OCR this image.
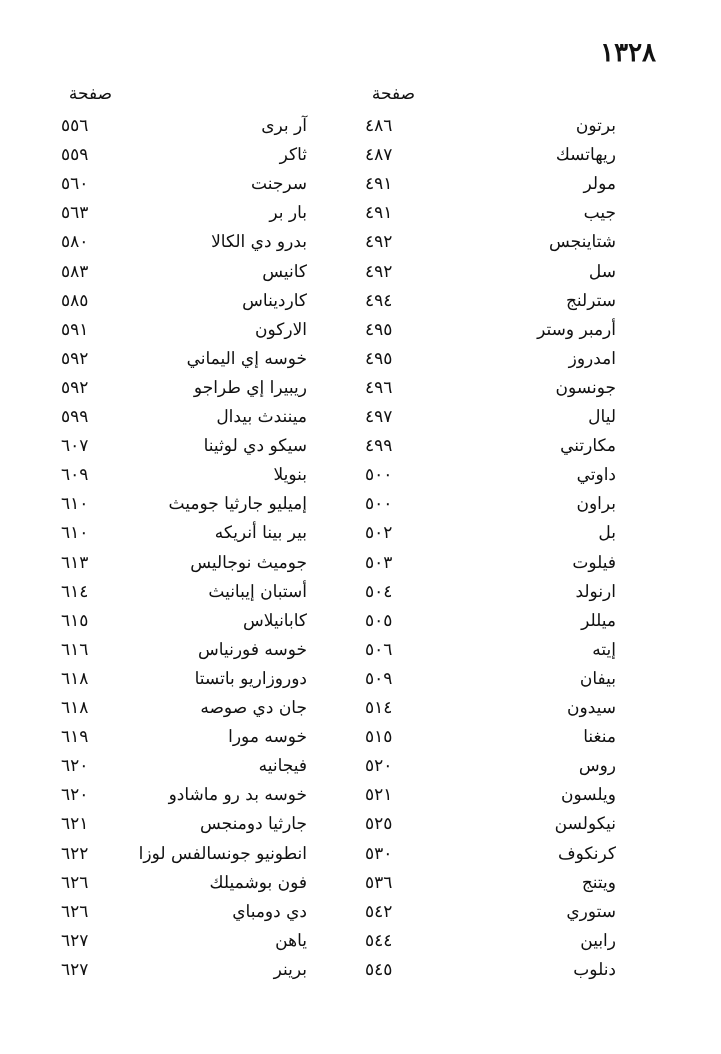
١٣٢٨
صفحة
صفحة
برتون
٤٨٦
آر بری
٥٥٦
ريهاتسك
٤٨٧
ثاكر
٥٥٩
مولر
٤٩١
سرجنت
٥٦٠
جيب
٤٩١
بار بر
٥٦٣
شتاينجس
٤٩٢
بدرو دي الكالا
٥٨٠
سل
٤٩٢
كانيس
٥٨٣
سترلنج
٤٩٤
كارديناس
٥٨٥
أرمبر وستر
٤٩٥
الاركون
٥٩١
امدروز
٤٩٥
خوسه إي اليماني
٥٩٢
جونسون
٤٩٦
ريبيرا إي طراجو
٥٩٢
ليال
٤٩٧
مينندث بيدال
٥٩٩
مكارتني
٤٩٩
سيكو دي لوثينا
٦٠٧
داوتي
٥٠٠
بنويلا
٦٠٩
براون
٥٠٠
إميليو جارثيا جوميث
٦١٠
بل
٥٠٢
بير بينا أنريكه
٦١٠
فيلوت
٥٠٣
جوميث نوجاليس
٦١٣
ارنولد
٥٠٤
أستبان إيبانيث
٦١٤
ميللر
٥٠٥
كابانيلاس
٦١٥
إيته
٥٠٦
خوسه فورنياس
٦١٦
بيفان
٥٠٩
دوروزاريو باتستا
٦١٨
سيدون
٥١٤
جان دي صوصه
٦١٨
منغنا
٥١٥
خوسه مورا
٦١٩
روس
٥٢٠
فيجانيه
٦٢٠
ويلسون
٥٢١
خوسه بد رو ماشادو
٦٢٠
نيكولسن
٥٢٥
جارثيا دومنجس
٦٢١
كرنكوف
٥٣٠
انطونيو جونسالفس لوزا
٦٢٢
ويتنج
٥٣٦
فون بوشميلك
٦٢٦
ستوري
٥٤٢
دي دومباي
٦٢٦
رابين
٥٤٤
ياهن
٦٢٧
دنلوب
٥٤٥
برينر
٦٢٧
